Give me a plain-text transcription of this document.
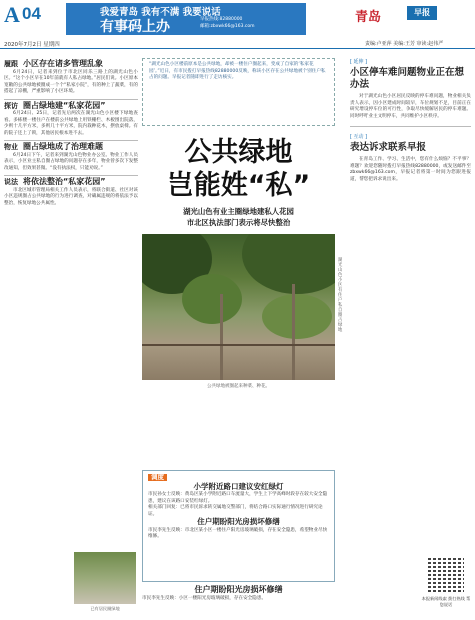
A 04	我爱青岛 我有不满 我要说话
有事码上办	早报热线:82880000
邮箱:zbxwk66@163.com
青岛	早报
2020年7月2日 星期四	责编:卢亚萍 美编:王芳 审读:赵伟严
履跟 小区存在诸多管理乱象

6月24日，记者来到位于市北区同乐三路上的湖光山色小区。“这个小区早在10年前就有人私占绿地。”居民们说。小区原本宽敞的公共绿地被圈成一个个“私家小院”，有的种上了蔬菜，有的搭起了凉棚，严重影响了小区环境。

探访 圈占绿地建“私家花园”

6月24日、25日，记者先后两次在湖光山色小区楼下绿地查看。多栋楼一楼住户在楼前公共绿地上用铁栅栏、木板围出院落，少则十几平方米，多则几十平方米，院内栽种花木，摆放桌椅。有的院子还上了锁，其他居民根本进不去。

物业 圈占绿地成了治理难题

6月24日下午，记者来到湖光山色物业办公室。物业工作人员表示，小区业主私自圈占绿地的问题存在多年，物业曾多次下发整改通知，但效果甚微。“没有执法权，只能劝说。”

说法 将依法整治“私家花园”

市北区城市管理局相关工作人员表示，将联合街道、社区对该小区违规圈占公共绿地的行为进行调查，对确属违规的将依法予以整治，恢复绿地公共属性。

已有居民圈绿地
“湖光山色小区楼前原本是公共绿地，却被一楼住户圈起来，变成了自家的‘私家花园’。”近日，有市民拨打早报热线82880000反映，称该小区存在公共绿地被个别住户私占的问题。早报记者随即进行了走访核实。
公共绿地
岂能姓“私”
湖光山色有业主圈绿地建私人花园
市北区执法部门表示将尽快整治
公共绿地被圈起来种菜、种花。
湖光山色小区有住户私自圈占绿地
调度
小学附近路口建议安红绿灯

市民孙女士反映：黄岛区某小学附近路口车流量大，学生上下学高峰时段存在较大安全隐患，建议在该路口安装红绿灯。

相关部门回复：已将市民诉求转交属地交警部门，将结合路口实际通行情况进行研究论证。

住户期盼阳光房损坏修缮

市民李先生反映：市北区某小区一楼住户阳光房玻璃破损，存在安全隐患，希望物业尽快维修。

住户期盼阳光房损坏修缮
市民李先生反映：小区一楼阳光房玻璃破损，存在安全隐患。
[ 延伸 ]
小区停车难问题物业正在想办法

对于湖光山色小区居民反映的停车难问题，物业相关负责人表示，因小区建成时间较早，车位规划不足，目前正在研究增设停车位的可行性，争取尽快缓解居民的停车难题。同时呼吁业主文明停车，共同维护小区秩序。

[ 互动 ]
表达诉求联系早报

在青岛工作、学习、生活中，您有什么烦恼？不平事？难题？欢迎您随时拨打早报热线82880000，或发送邮件至zbxwk66@163.com，早报记者将第一时间为您跟进报道，帮您把诉求说出来。

本报新闻线索 拨打热线 帮您说话
